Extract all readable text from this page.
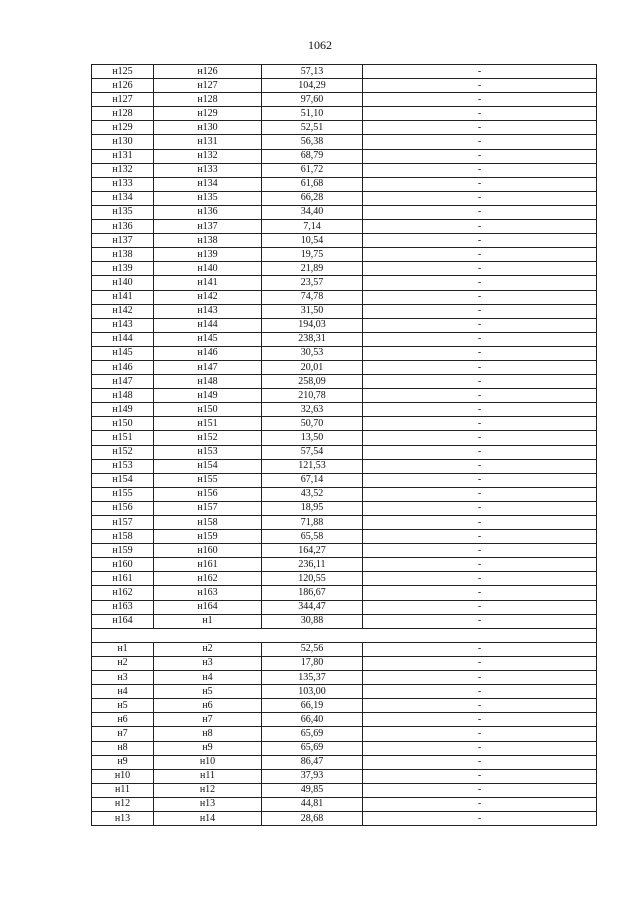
1062
н125	н126	57,13	-
н126	н127	104,29	-
н127	н128	97,60	-
н128	н129	51,10	-
н129	н130	52,51	-
н130	н131	56,38	-
н131	н132	68,79	-
н132	н133	61,72	-
н133	н134	61,68	-
н134	н135	66,28	-
н135	н136	34,40	-
н136	н137	7,14	-
н137	н138	10,54	-
н138	н139	19,75	-
н139	н140	21,89	-
н140	н141	23,57	-
н141	н142	74,78	-
н142	н143	31,50	-
н143	н144	194,03	-
н144	н145	238,31	-
н145	н146	30,53	-
н146	н147	20,01	-
н147	н148	258,09	-
н148	н149	210,78	-
н149	н150	32,63	-
н150	н151	50,70	-
н151	н152	13,50	-
н152	н153	57,54	-
н153	н154	121,53	-
н154	н155	67,14	-
н155	н156	43,52	-
н156	н157	18,95	-
н157	н158	71,88	-
н158	н159	65,58	-
н159	н160	164,27	-
н160	н161	236,11	-
н161	н162	120,55	-
н162	н163	186,67	-
н163	н164	344,47	-
н164	н1	30,88	-

н1	н2	52,56	-
н2	н3	17,80	-
н3	н4	135,37	-
н4	н5	103,00	-
н5	н6	66,19	-
н6	н7	66,40	-
н7	н8	65,69	-
н8	н9	65,69	-
н9	н10	86,47	-
н10	н11	37,93	-
н11	н12	49,85	-
н12	н13	44,81	-
н13	н14	28,68	-
